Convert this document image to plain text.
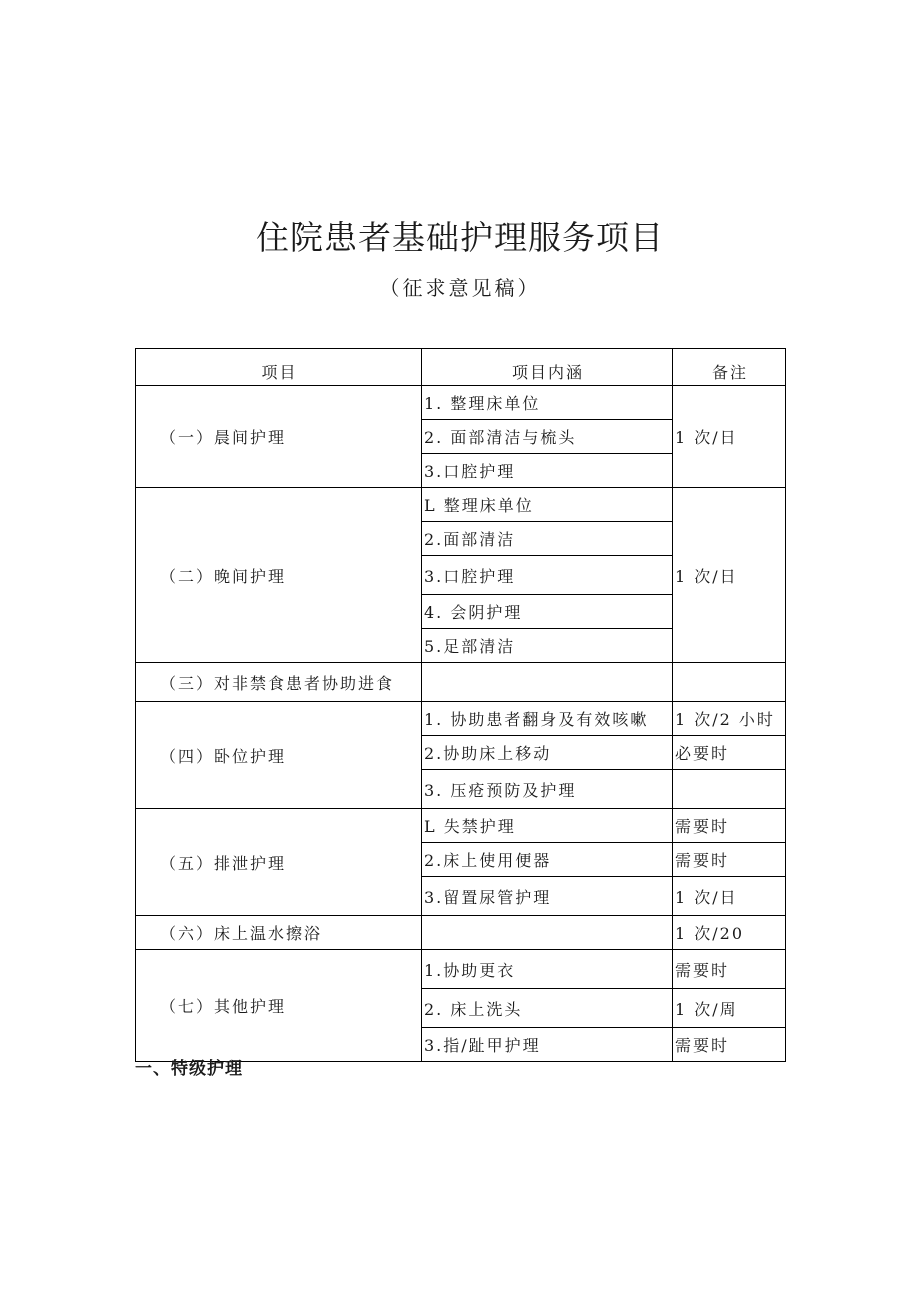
住院患者基础护理服务项目
（征求意见稿）
项目	项目内涵	备注
（一）晨间护理	1. 整理床单位	1 次/日
	2. 面部清洁与梳头	
	3.口腔护理	
（二）晚间护理	L 整理床单位	1 次/日
	2.面部清洁	
	3.口腔护理	
	4. 会阴护理	
	5.足部清洁	
（三）对非禁食患者协助进食		
（四）卧位护理	1. 协助患者翻身及有效咳嗽	1 次/2 小时
	2.协助床上移动	必要时
	3. 压疮预防及护理	
（五）排泄护理	L 失禁护理	需要时
	2.床上使用便器	需要时
	3.留置尿管护理	1 次/日
（六）床上温水擦浴		1 次/20
（七）其他护理	1.协助更衣	需要时
	2. 床上洗头	1 次/周
	3.指/趾甲护理	需要时
一、特级护理
